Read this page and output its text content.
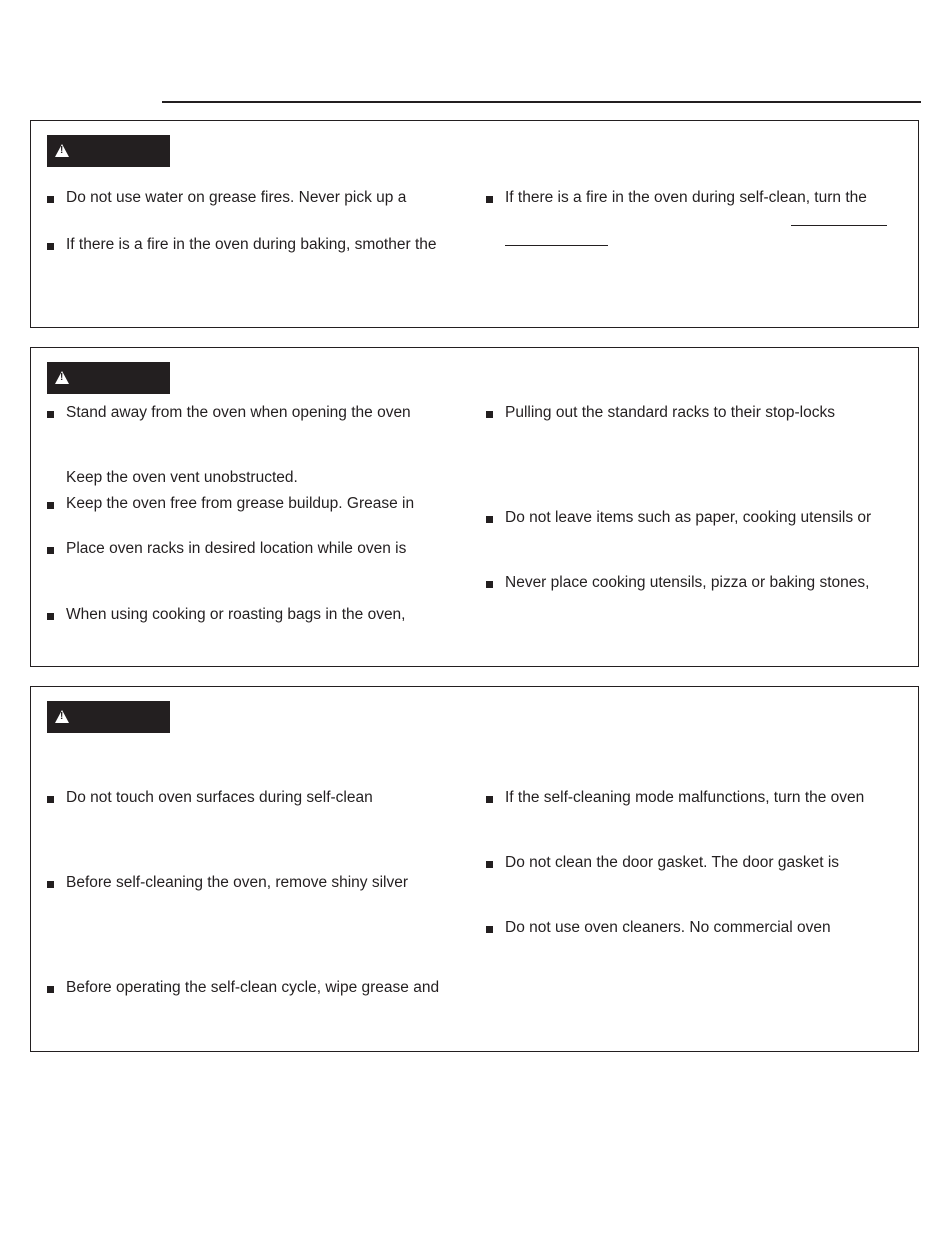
!
Do not use water on grease fires. Never pick up a
If there is a fire in the oven during baking, smother the
If there is a fire in the oven during self-clean, turn the
!
Stand away from the oven when opening the oven
Keep the oven vent unobstructed.
Keep the oven free from grease buildup. Grease in
Place oven racks in desired location while oven is
When using cooking or roasting bags in the oven,
Pulling out the standard racks to their stop-locks
Do not leave items such as paper, cooking utensils or
Never place cooking utensils, pizza or baking stones,
!
Do not touch oven surfaces during self-clean
Before self-cleaning the oven, remove shiny silver
Before operating the self-clean cycle, wipe grease and
If the self-cleaning mode malfunctions, turn the oven
Do not clean the door gasket. The door gasket is
Do not use oven cleaners. No commercial oven
